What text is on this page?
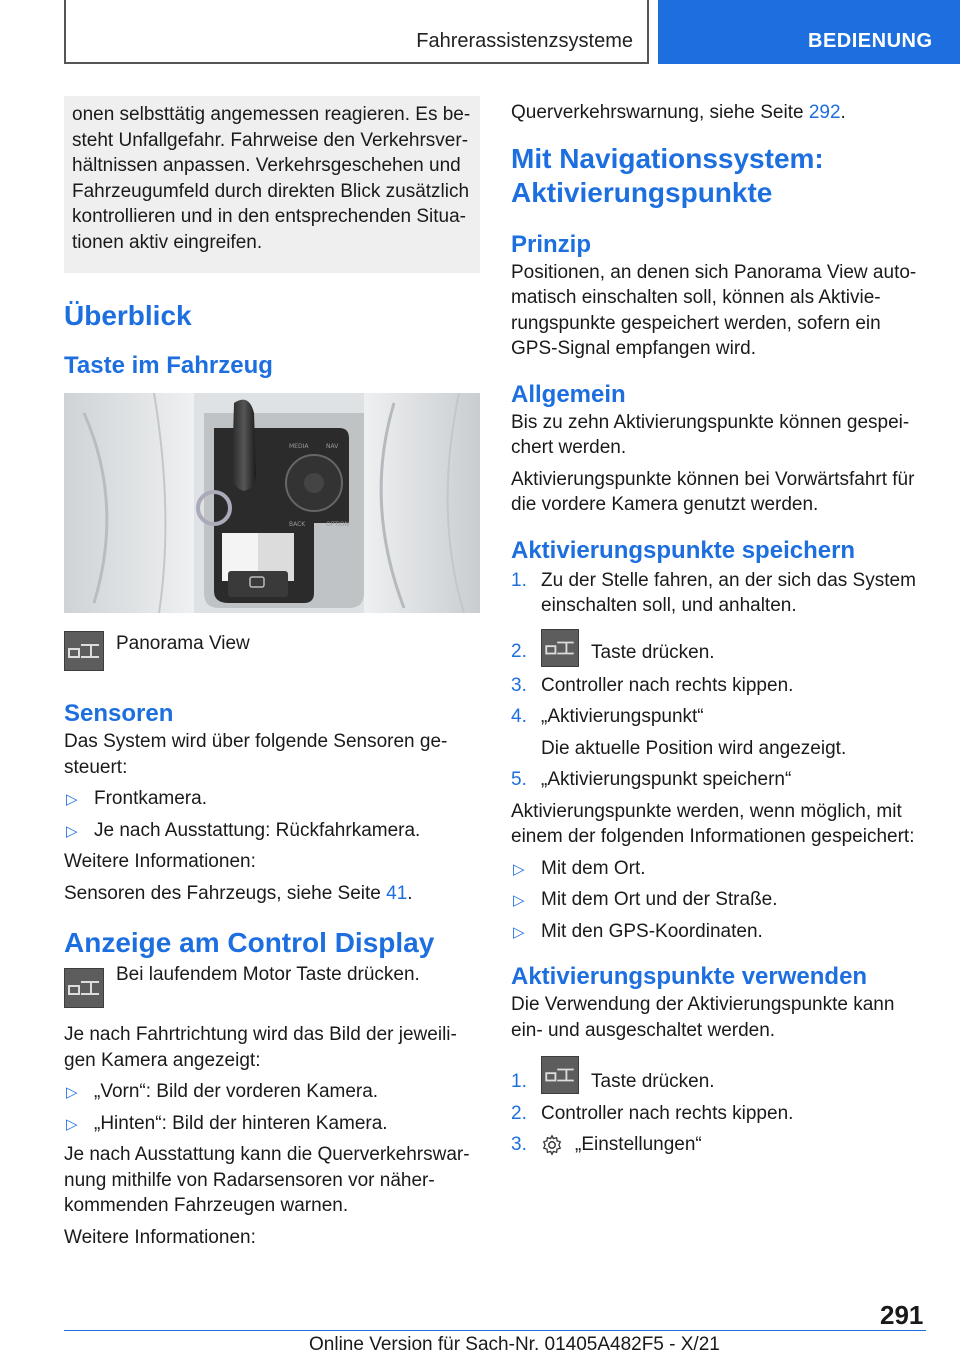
Fahrerassistenzsysteme	BEDIENUNG
onen selbsttätig angemessen reagieren. Es be-steht Unfallgefahr. Fahrweise den Verkehrsver-hältnissen anpassen. Verkehrsgeschehen und Fahrzeugumfeld durch direkten Blick zusätzlich kontrollieren und in den entsprechenden Situa-tionen aktiv eingreifen.
Überblick
Taste im Fahrzeug
MEDIA	NAV
BACK	OPTION
Panorama View
Sensoren

Das System wird über folgende Sensoren ge-steuert:

▷ Frontkamera.
▷ Je nach Ausstattung: Rückfahrkamera.

Weitere Informationen:

Sensoren des Fahrzeugs, siehe Seite 41.

Anzeige am Control Display
Bei laufendem Motor Taste drücken.

Je nach Fahrtrichtung wird das Bild der jeweili-gen Kamera angezeigt:

▷ „Vorn“: Bild der vorderen Kamera.
▷ „Hinten“: Bild der hinteren Kamera.

Je nach Ausstattung kann die Querverkehrswar-nung mithilfe von Radarsensoren vor näher-kommenden Fahrzeugen warnen.

Weitere Informationen:

Querverkehrswarnung, siehe Seite 292.

Mit Navigationssystem:
Aktivierungspunkte
Prinzip

Positionen, an denen sich Panorama View auto-matisch einschalten soll, können als Aktivie-rungspunkte gespeichert werden, sofern ein GPS-Signal empfangen wird.

Allgemein

Bis zu zehn Aktivierungspunkte können gespei-chert werden.

Aktivierungspunkte können bei Vorwärtsfahrt für die vordere Kamera genutzt werden.

Aktivierungspunkte speichern
1. Zu der Stelle fahren, an der sich das System einschalten soll, und anhalten.
2.	Taste drücken.
3. Controller nach rechts kippen.
4. „Aktivierungspunkt“
Die aktuelle Position wird angezeigt.
5. „Aktivierungspunkt speichern“

Aktivierungspunkte werden, wenn möglich, mit einem der folgenden Informationen gespeichert:

▷ Mit dem Ort.
▷ Mit dem Ort und der Straße.
▷ Mit den GPS-Koordinaten.
Aktivierungspunkte verwenden

Die Verwendung der Aktivierungspunkte kann ein- und ausgeschaltet werden.

1.	Taste drücken.
2. Controller nach rechts kippen.
3.	„Einstellungen“
291
Online Version für Sach-Nr. 01405A482F5 - X/21
